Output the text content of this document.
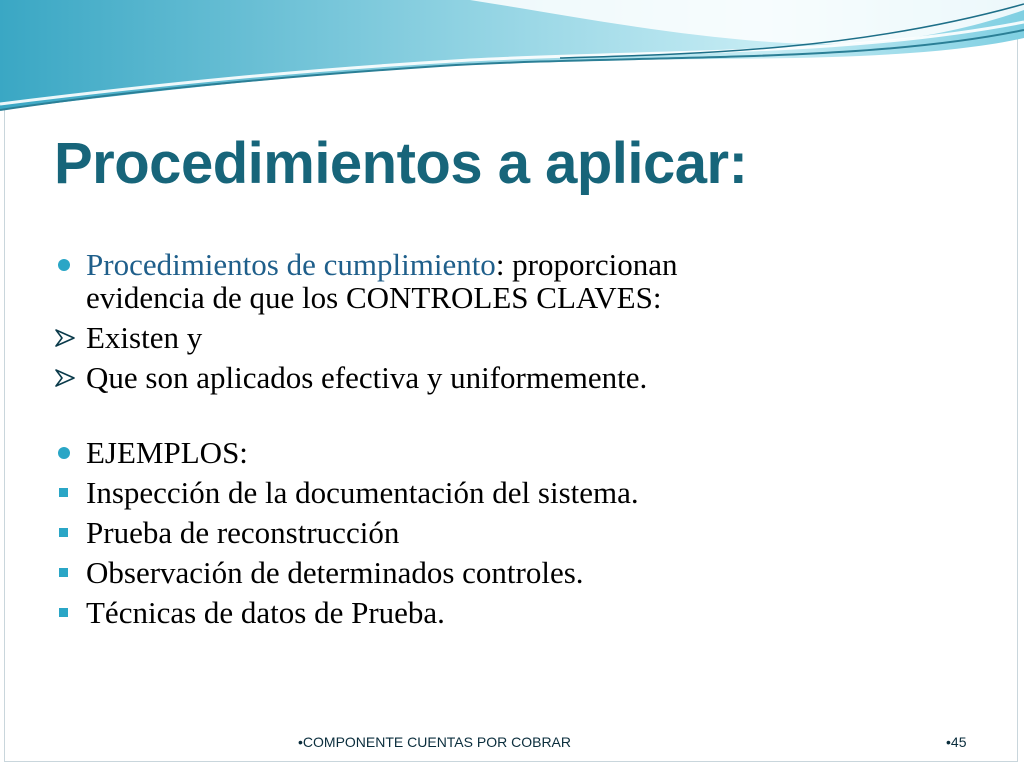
Procedimientos a aplicar:
Procedimientos de cumplimiento: proporcionan
evidencia de que los CONTROLES CLAVES:
Existen y
Que son aplicados efectiva y uniformemente.
EJEMPLOS:
Inspección de la documentación del sistema.
Prueba de reconstrucción
Observación de determinados controles.
Técnicas de datos de Prueba.
•COMPONENTE CUENTAS POR COBRAR	•45
